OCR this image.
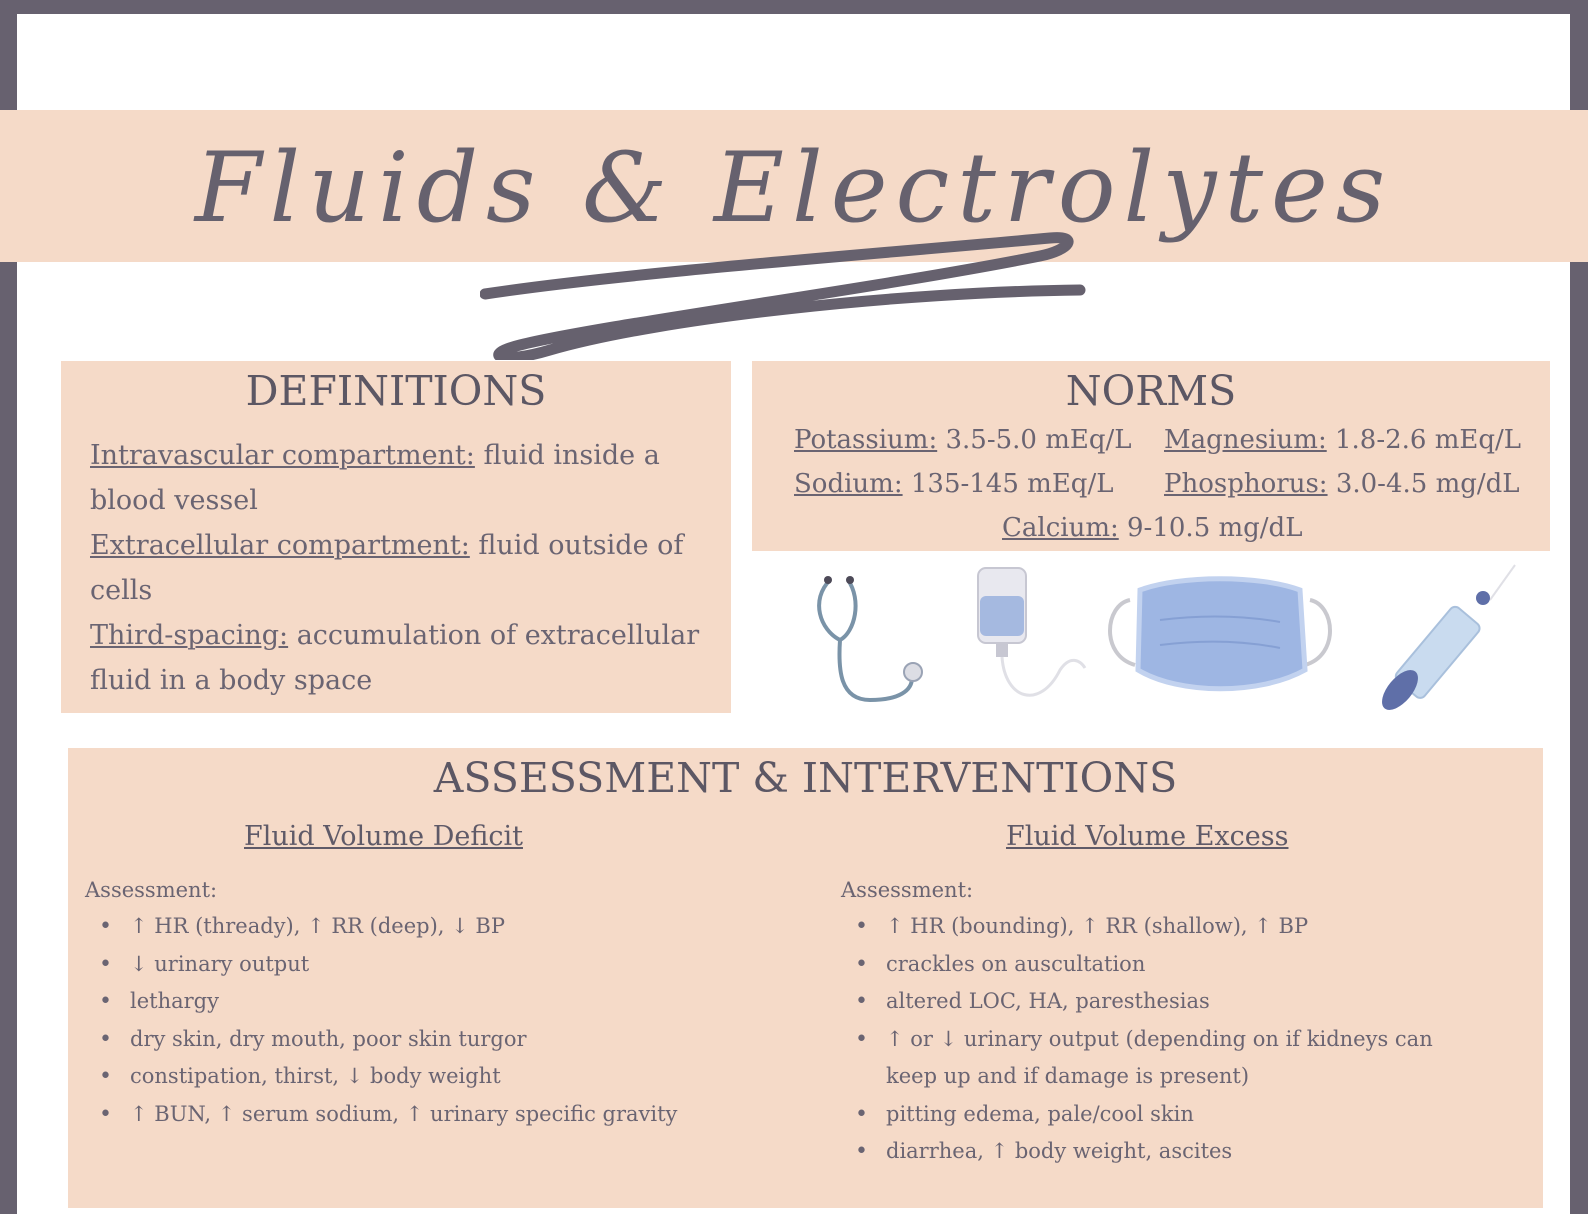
Fluids & Electrolytes
DEFINITIONS
Intravascular compartment: fluid inside a blood vessel
Extracellular compartment: fluid outside of cells
Third-spacing: accumulation of extracellular fluid in a body space
NORMS
Potassium: 3.5-5.0 mEq/L Magnesium: 1.8-2.6 mEq/L
Sodium: 135-145 mEq/L Phosphorus: 3.0-4.5 mg/dL
Calcium: 9-10.5 mg/dL
ASSESSMENT & INTERVENTIONS
Fluid Volume Deficit
Assessment:
• ↑ HR (thready), ↑ RR (deep), ↓ BP
• ↓ urinary output
• lethargy
• dry skin, dry mouth, poor skin turgor
• constipation, thirst, ↓ body weight
• ↑ BUN, ↑ serum sodium, ↑ urinary specific gravity
Fluid Volume Excess
Assessment:
• ↑ HR (bounding), ↑ RR (shallow), ↑ BP
• crackles on auscultation
• altered LOC, HA, paresthesias
• ↑ or ↓ urinary output (depending on if kidneys can keep up and if damage is present)
• pitting edema, pale/cool skin
• diarrhea, ↑ body weight, ascites
